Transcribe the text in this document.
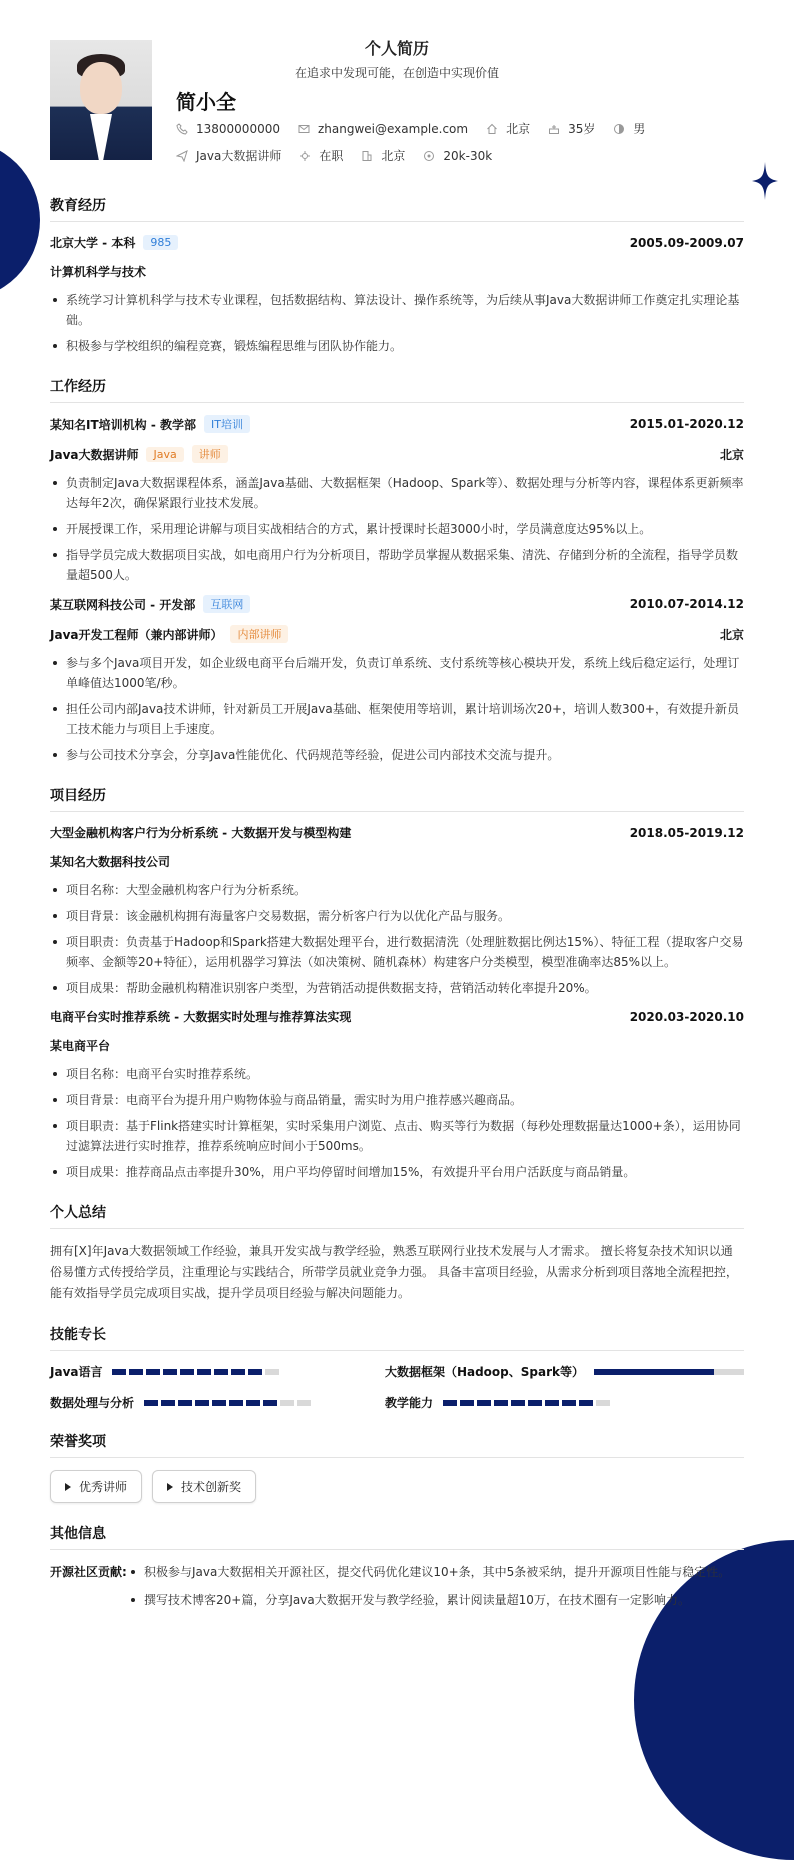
个人简历
在追求中发现可能，在创造中实现价值
简小全
13800000000	zhangwei@example.com	北京	35岁	男
Java大数据讲师	在职	北京	20k-30k
教育经历
北京大学 - 本科	985	2005.09-2009.07
计算机科学与技术
系统学习计算机科学与技术专业课程，包括数据结构、算法设计、操作系统等，为后续从事Java大数据讲师工作奠定扎实理论基础。
积极参与学校组织的编程竞赛，锻炼编程思维与团队协作能力。
工作经历
某知名IT培训机构 - 教学部	IT培训	2015.01-2020.12
Java大数据讲师	Java	讲师	北京
负责制定Java大数据课程体系，涵盖Java基础、大数据框架（Hadoop、Spark等）、数据处理与分析等内容，课程体系更新频率达每年2次，确保紧跟行业技术发展。
开展授课工作，采用理论讲解与项目实战相结合的方式，累计授课时长超3000小时，学员满意度达95%以上。
指导学员完成大数据项目实战，如电商用户行为分析项目，帮助学员掌握从数据采集、清洗、存储到分析的全流程，指导学员数量超500人。
某互联网科技公司 - 开发部	互联网	2010.07-2014.12
Java开发工程师（兼内部讲师）	内部讲师	北京
参与多个Java项目开发，如企业级电商平台后端开发，负责订单系统、支付系统等核心模块开发，系统上线后稳定运行，处理订单峰值达1000笔/秒。
担任公司内部Java技术讲师，针对新员工开展Java基础、框架使用等培训，累计培训场次20+，培训人数300+，有效提升新员工技术能力与项目上手速度。
参与公司技术分享会，分享Java性能优化、代码规范等经验，促进公司内部技术交流与提升。
项目经历
大型金融机构客户行为分析系统 - 大数据开发与模型构建	2018.05-2019.12
某知名大数据科技公司
项目名称：大型金融机构客户行为分析系统。
项目背景：该金融机构拥有海量客户交易数据，需分析客户行为以优化产品与服务。
项目职责：负责基于Hadoop和Spark搭建大数据处理平台，进行数据清洗（处理脏数据比例达15%）、特征工程（提取客户交易频率、金额等20+特征），运用机器学习算法（如决策树、随机森林）构建客户分类模型，模型准确率达85%以上。
项目成果：帮助金融机构精准识别客户类型，为营销活动提供数据支持，营销活动转化率提升20%。
电商平台实时推荐系统 - 大数据实时处理与推荐算法实现	2020.03-2020.10
某电商平台
项目名称：电商平台实时推荐系统。
项目背景：电商平台为提升用户购物体验与商品销量，需实时为用户推荐感兴趣商品。
项目职责：基于Flink搭建实时计算框架，实时采集用户浏览、点击、购买等行为数据（每秒处理数据量达1000+条），运用协同过滤算法进行实时推荐，推荐系统响应时间小于500ms。
项目成果：推荐商品点击率提升30%，用户平均停留时间增加15%，有效提升平台用户活跃度与商品销量。
个人总结
拥有[X]年Java大数据领域工作经验，兼具开发实战与教学经验，熟悉互联网行业技术发展与人才需求。 擅长将复杂技术知识以通俗易懂方式传授给学员，注重理论与实践结合，所带学员就业竞争力强。 具备丰富项目经验，从需求分析到项目落地全流程把控，能有效指导学员完成项目实战，提升学员项目经验与解决问题能力。
技能专长
Java语言	大数据框架（Hadoop、Spark等）
数据处理与分析	教学能力
荣誉奖项
优秀讲师	技术创新奖
其他信息
开源社区贡献:	积极参与Java大数据相关开源社区，提交代码优化建议10+条，其中5条被采纳，提升开源项目性能与稳定性。
撰写技术博客20+篇，分享Java大数据开发与教学经验，累计阅读量超10万，在技术圈有一定影响力。
